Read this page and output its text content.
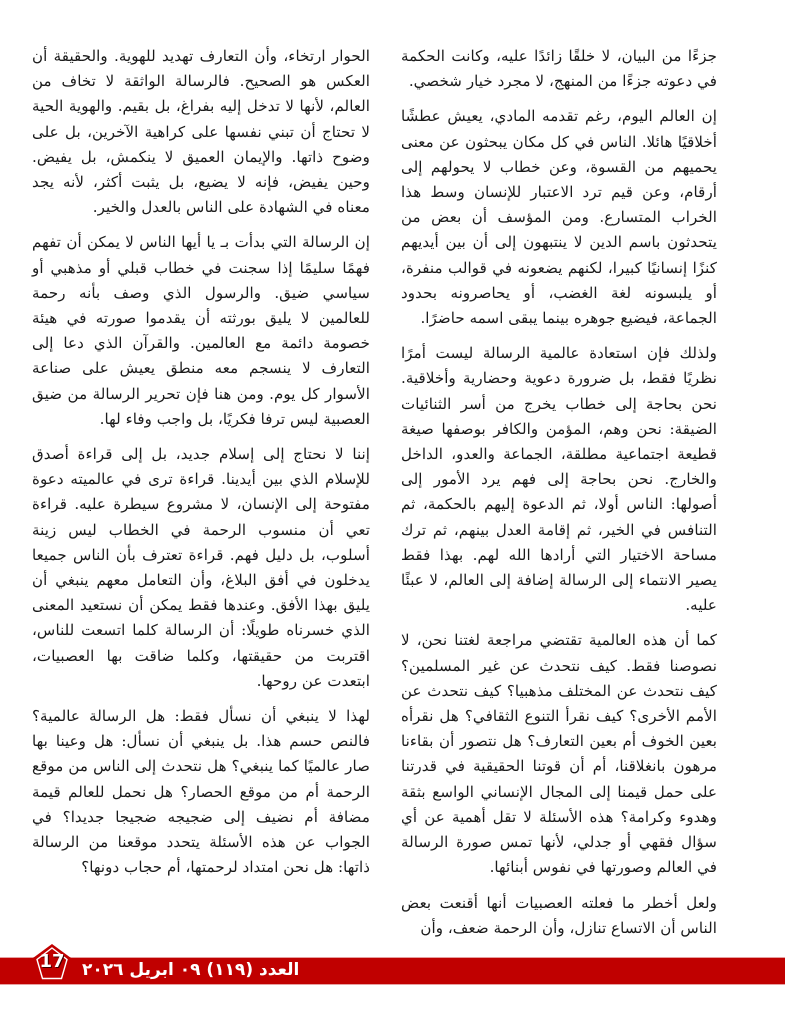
جزءًا من البيان، لا خلقًا زائدًا عليه، وكانت الحكمة في دعوته جزءًا من المنهج، لا مجرد خيار شخصي.

إن العالم اليوم، رغم تقدمه المادي، يعيش عطشًا أخلاقيًا هائلا. الناس في كل مكان يبحثون عن معنى يحميهم من القسوة، وعن خطاب لا يحولهم إلى أرقام، وعن قيم ترد الاعتبار للإنسان وسط هذا الخراب المتسارع. ومن المؤسف أن بعض من يتحدثون باسم الدين لا ينتبهون إلى أن بين أيديهم كنزًا إنسانيًا كبيرا، لكنهم يضعونه في قوالب منفرة، أو يلبسونه لغة الغضب، أو يحاصرونه بحدود الجماعة، فيضيع جوهره بينما يبقى اسمه حاضرًا.

ولذلك فإن استعادة عالمية الرسالة ليست أمرًا نظريًا فقط، بل ضرورة دعوية وحضارية وأخلاقية. نحن بحاجة إلى خطاب يخرج من أسر الثنائيات الضيقة: نحن وهم، المؤمن والكافر بوصفها صيغة قطيعة اجتماعية مطلقة، الجماعة والعدو، الداخل والخارج. نحن بحاجة إلى فهم يرد الأمور إلى أصولها: الناس أولا، ثم الدعوة إليهم بالحكمة، ثم التنافس في الخير، ثم إقامة العدل بينهم، ثم ترك مساحة الاختيار التي أرادها الله لهم. بهذا فقط يصير الانتماء إلى الرسالة إضافة إلى العالم، لا عبئًا عليه.

كما أن هذه العالمية تقتضي مراجعة لغتنا نحن، لا نصوصنا فقط. كيف نتحدث عن غير المسلمين؟ كيف نتحدث عن المختلف مذهبيا؟ كيف نتحدث عن الأمم الأخرى؟ كيف نقرأ التنوع الثقافي؟ هل نقرأه بعين الخوف أم بعين التعارف؟ هل نتصور أن بقاءنا مرهون بانغلاقنا، أم أن قوتنا الحقيقية في قدرتنا على حمل قيمنا إلى المجال الإنساني الواسع بثقة وهدوء وكرامة؟ هذه الأسئلة لا تقل أهمية عن أي سؤال فقهي أو جدلي، لأنها تمس صورة الرسالة في العالم وصورتها في نفوس أبنائها.

ولعل أخطر ما فعلته العصبيات أنها أقنعت بعض الناس أن الاتساع تنازل، وأن الرحمة ضعف، وأن

الحوار ارتخاء، وأن التعارف تهديد للهوية. والحقيقة أن العكس هو الصحيح. فالرسالة الواثقة لا تخاف من العالم، لأنها لا تدخل إليه بفراغ، بل بقيم. والهوية الحية لا تحتاج أن تبني نفسها على كراهية الآخرين، بل على وضوح ذاتها. والإيمان العميق لا ينكمش، بل يفيض. وحين يفيض، فإنه لا يضيع، بل يثبت أكثر، لأنه يجد معناه في الشهادة على الناس بالعدل والخير.

إن الرسالة التي بدأت بـ يا أيها الناس لا يمكن أن تفهم فهمًا سليمًا إذا سجنت في خطاب قبلي أو مذهبي أو سياسي ضيق. والرسول الذي وصف بأنه رحمة للعالمين لا يليق بورثته أن يقدموا صورته في هيئة خصومة دائمة مع العالمين. والقرآن الذي دعا إلى التعارف لا ينسجم معه منطق يعيش على صناعة الأسوار كل يوم. ومن هنا فإن تحرير الرسالة من ضيق العصبية ليس ترفا فكريًا، بل واجب وفاء لها.

إننا لا نحتاج إلى إسلام جديد، بل إلى قراءة أصدق للإسلام الذي بين أيدينا. قراءة ترى في عالميته دعوة مفتوحة إلى الإنسان، لا مشروع سيطرة عليه. قراءة تعي أن منسوب الرحمة في الخطاب ليس زينة أسلوب، بل دليل فهم. قراءة تعترف بأن الناس جميعا يدخلون في أفق البلاغ، وأن التعامل معهم ينبغي أن يليق بهذا الأفق. وعندها فقط يمكن أن نستعيد المعنى الذي خسرناه طويلًا: أن الرسالة كلما اتسعت للناس، اقتربت من حقيقتها، وكلما ضاقت بها العصبيات، ابتعدت عن روحها.

لهذا لا ينبغي أن نسأل فقط: هل الرسالة عالمية؟ فالنص حسم هذا. بل ينبغي أن نسأل: هل وعينا بها صار عالميًا كما ينبغي؟ هل نتحدث إلى الناس من موقع الرحمة أم من موقع الحصار؟ هل نحمل للعالم قيمة مضافة أم نضيف إلى ضجيجه ضجيجا جديدا؟ في الجواب عن هذه الأسئلة يتحدد موقعنا من الرسالة ذاتها: هل نحن امتداد لرحمتها، أم حجاب دونها؟

العدد (١١٩) ٠٩ ابريل ٢٠٢٦
17
